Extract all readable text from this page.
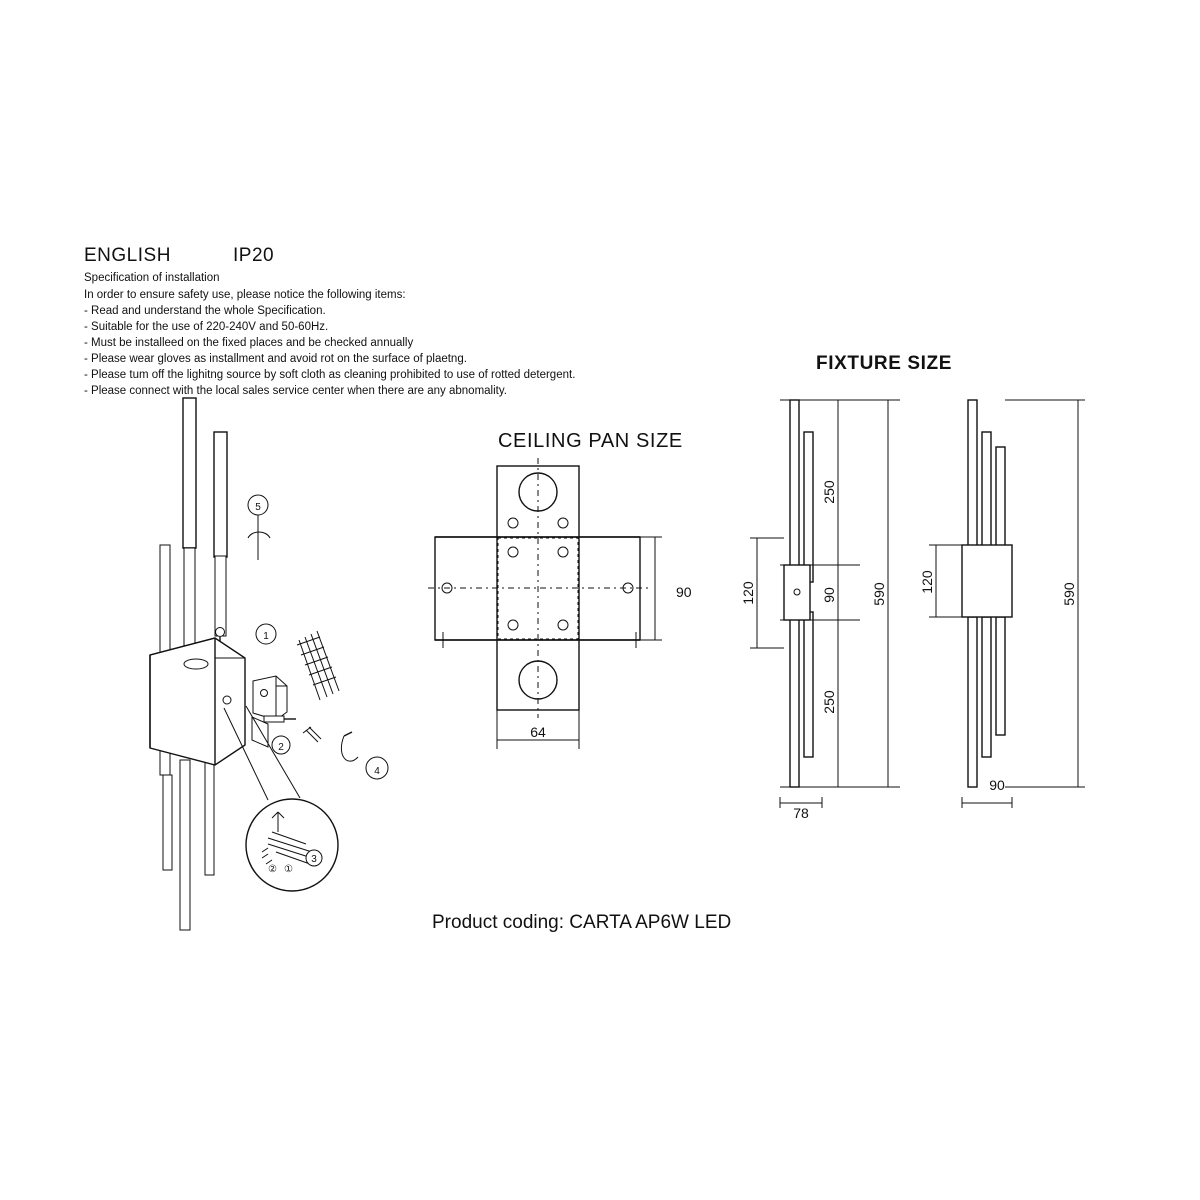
ENGLISH	IP20
Specification of installation
In order to ensure safety use, please notice the following items:
- Read and understand the whole Specification.
- Suitable for the use of 220-240V and 50-60Hz.
- Must be installeed on the fixed places and be checked annually
- Please wear gloves as installment and avoid rot on the surface of plaetng.
- Please tum off the lighitng source by soft cloth as cleaning prohibited to use of rotted detergent.
- Please connect with the local sales service center when there are any abnomality.
CEILING PAN SIZE
FIXTURE SIZE
5
1
2
4
② ①
3
90
64
250
90
250
590
120
78
120
590
90
Product coding: CARTA AP6W LED
